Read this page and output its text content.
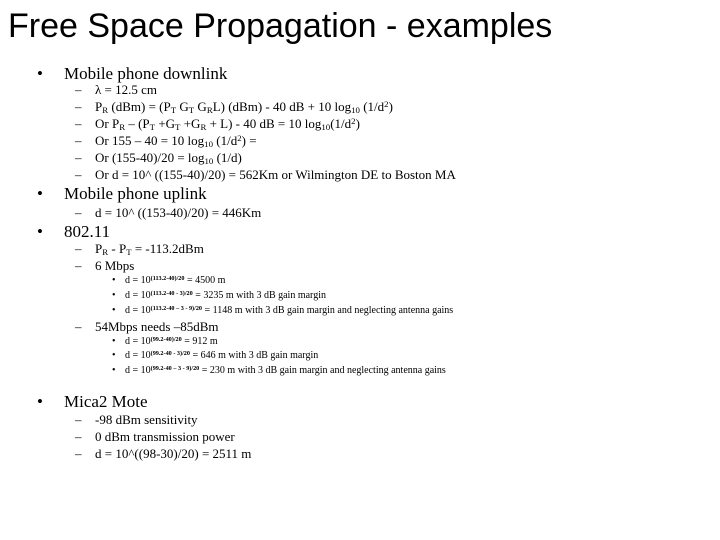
Free Space Propagation - examples
• Mobile phone downlink
– λ = 12.5 cm
– $P_R$ $(dBm) = (P_T$ $G_T$ $G_RL$) (dBm) - 40 dB + 10 $\log_{10} (1/d^2)$
– Or $P_R - (P_T +G_T +G_R + L) - 40$ dB = 10 $\log_{10}(1/d^2)$
– Or 155 – 40 = 10 $\log_{10} (1/d^2)$ =
– Or $(155-40)/20 = \log_{10} (1/d)$
– Or d = 10^ ((155-40)/20) = 562Km or Wilmington DE to Boston MA
• Mobile phone uplink
– d = 10^ ((153-40)/20) = 446Km
• 802.11
– $P_R - P_T = -113.2dBm$
– 6 Mbps
• $d = 10^{(113.2-40)/20} = 4500$ m
• $d = 10^{(113.2-40 - 3)/20} = 3235$ m with 3 dB gain margin
• $d = 10^{(113.2-40 - 3 - 9)/20} = 1148$ m with 3 dB gain margin and neglecting antenna gains
– 54Mbps needs –85dBm
• $d = 10^{(99.2-40)/20} = 912$ m
• $d = 10^{(99.2-40 - 3)/20} = 646$ m with 3 dB gain margin
• $d = 10^{(99.2-40 - 3 - 9)/20} = 230$ m with 3 dB gain margin and neglecting antenna gains
• Mica2 Mote
– -98 dBm sensitivity
– 0 dBm transmission power
– d = 10^((98-30)/20) = 2511 m
